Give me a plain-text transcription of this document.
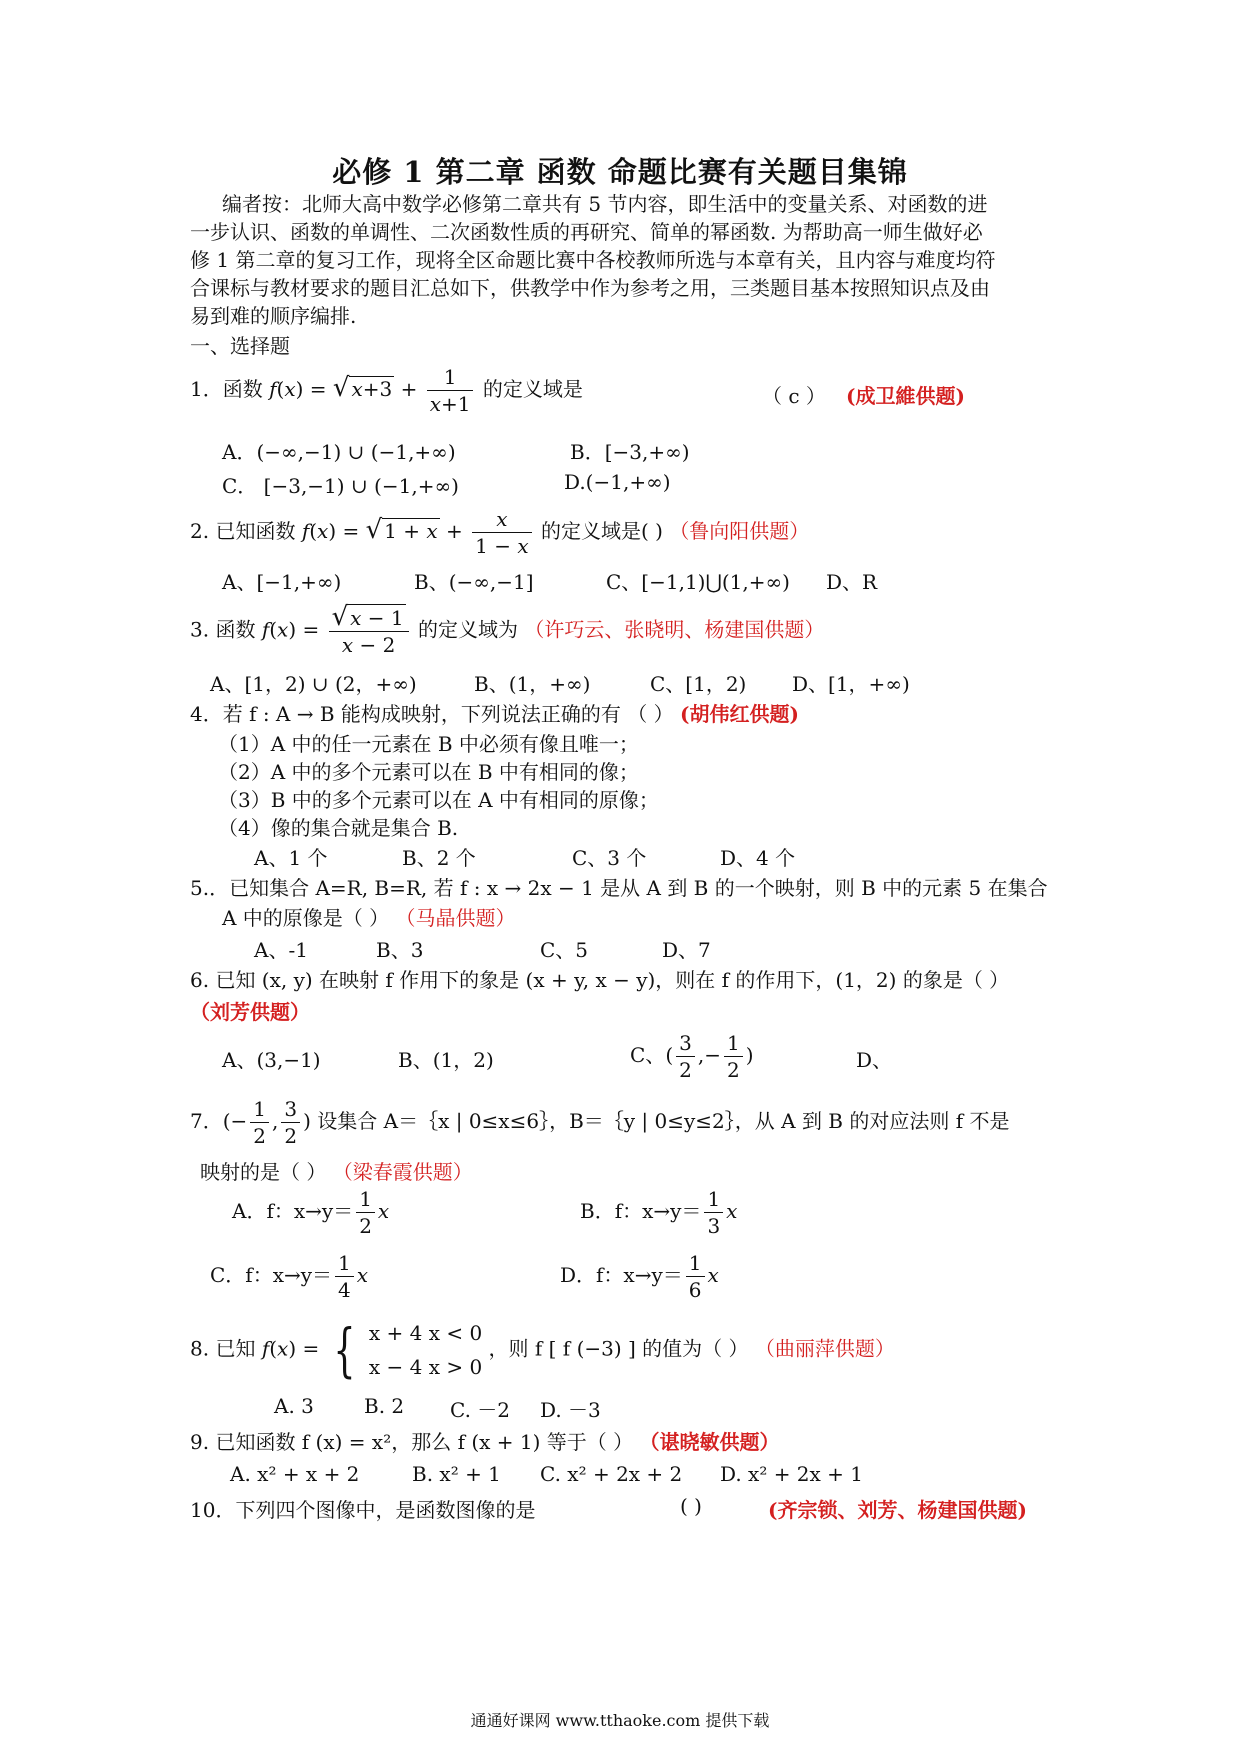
必修 1 第二章 函数 命题比赛有关题目集锦
编者按：北师大高中数学必修第二章共有 5 节内容，即生活中的变量关系、对函数的进
一步认识、函数的单调性、二次函数性质的再研究、简单的幂函数. 为帮助高一师生做好必
修 1 第二章的复习工作，现将全区命题比赛中各校教师所选与本章有关，且内容与难度均符
合课标与教材要求的题目汇总如下，供教学中作为参考之用，三类题目基本按照知识点及由
易到难的顺序编排.
一、选择题
1．函数 f(x) = √ $x+3 + \frac{1}{x+1}$ 的定义域是	（ c ） (成卫維供题)
A．(−∞,−1) ∪ (−1,+∞)	B．[−3,+∞)
C． [−3,−1) ∪ (−1,+∞)	D.(−1,+∞)
2. 已知函数 f(x) = √ $1 + x + \frac{x}{1 - x}$ 的定义域是( ) （鲁向阳供题）
A、[−1,+∞)	B、(−∞,−1]	C、[−1,1)⋃(1,+∞) D、R
3. 函数 $f(x) = \frac{√ x - 1}{x - 2}$ 的定义域为 （许巧云、张晓明、杨建国供题）
A、[1，2) ∪ (2，+∞)	B、(1，+∞)	C、[1，2) D、[1，+∞)
4．若 f : A → B 能构成映射，下列说法正确的有 （ ） (胡伟红供题)
（1）A 中的任一元素在 B 中必须有像且唯一；
（2）A 中的多个元素可以在 B 中有相同的像；
（3）B 中的多个元素可以在 A 中有相同的原像；
（4）像的集合就是集合 B.
A、1 个	B、2 个	C、3 个	D、4 个
5.．已知集合 A=R, B=R, 若 f : x → 2x − 1 是从 A 到 B 的一个映射，则 B 中的元素 5 在集合
A 中的原像是（ ） （马晶供题）
A、-1	B、3	C、5	D、7
6. 已知 (x, y) 在映射 f 作用下的象是 (x + y, x − y)，则在 f 的作用下，(1，2) 的象是（ ）
（刘芳供题）
A、(3,−1)	B、(1，2)	C、( $\frac{3}{2}$ ,− $\frac{1}{2}$ )	D、
7．(− $\frac{1}{2}$ , $\frac{3}{2}$ ) 设集合 A＝｛x | 0≤x≤6｝，B＝｛y | 0≤y≤2｝，从 A 到 B 的对应法则 f 不是
映射的是（ ） （梁春霞供题）
A．f：$x\to y= \frac{1}{2}$ x	B．f：$x\to y= \frac{1}{3}$ x
C．f：$x\to y= \frac{1}{4}$ x	D．f：$x\to y= \frac{1}{6}$ x
8. 已知 f(x) = { x + 4 x < 0
x − 4 x > 0
，则 f [ f (−3) ] 的值为（ ） （曲丽萍供题）
A. 3	B. 2 C. －2 D. －3
9. 已知函数 f (x) = x²，那么 f (x + 1) 等于（ ） （谌晓敏供题）
A. x² + x + 2	B. x² + 1 C. x² + 2x + 2 D. x² + 2x + 1
10．下列四个图像中，是函数图像的是	( )	(齐宗锁、刘芳、杨建国供题)
通通好课网 www.tthaoke.com 提供下载
